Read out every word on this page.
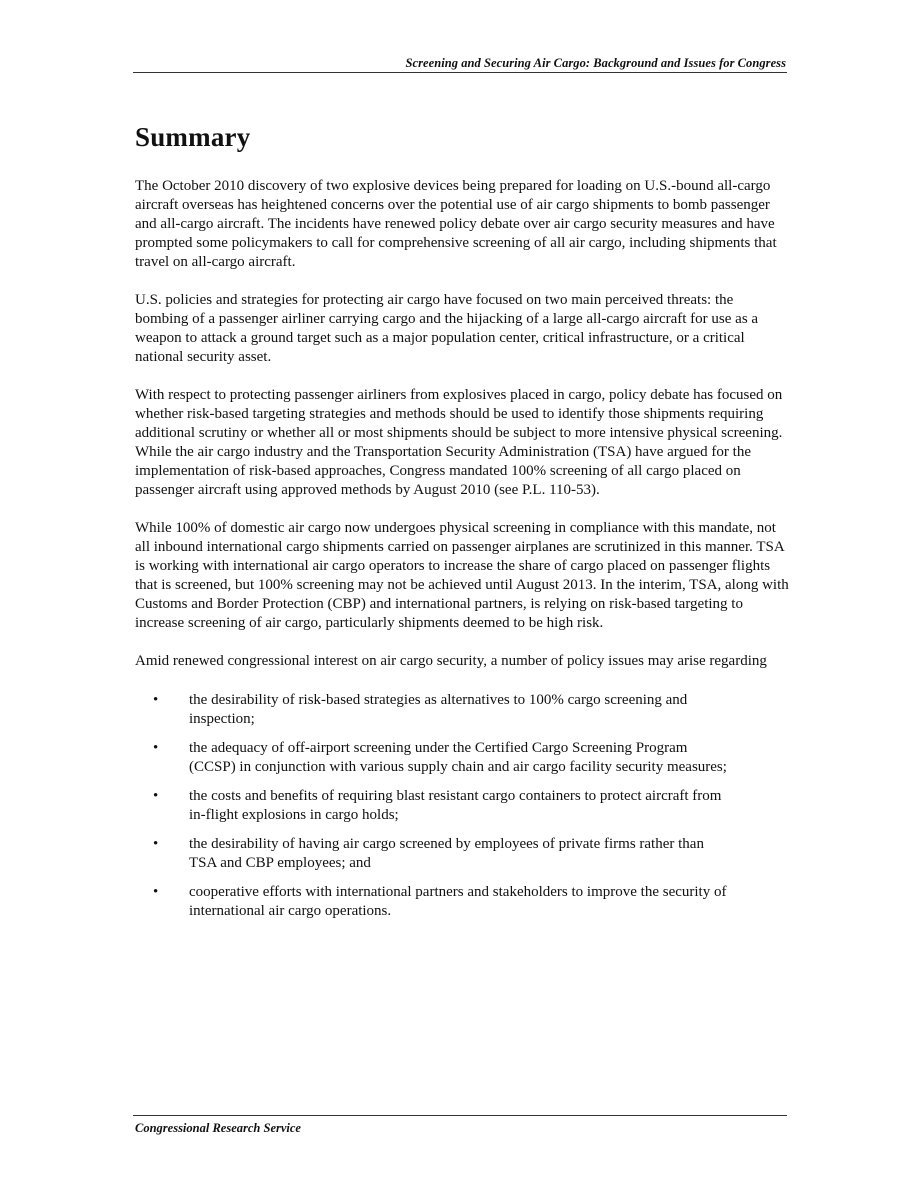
Screening and Securing Air Cargo: Background and Issues for Congress
Summary

The October 2010 discovery of two explosive devices being prepared for loading on U.S.-bound all-cargo aircraft overseas has heightened concerns over the potential use of air cargo shipments to bomb passenger and all-cargo aircraft. The incidents have renewed policy debate over air cargo security measures and have prompted some policymakers to call for comprehensive screening of all air cargo, including shipments that travel on all-cargo aircraft.

U.S. policies and strategies for protecting air cargo have focused on two main perceived threats: the bombing of a passenger airliner carrying cargo and the hijacking of a large all-cargo aircraft for use as a weapon to attack a ground target such as a major population center, critical infrastructure, or a critical national security asset.

With respect to protecting passenger airliners from explosives placed in cargo, policy debate has focused on whether risk-based targeting strategies and methods should be used to identify those shipments requiring additional scrutiny or whether all or most shipments should be subject to more intensive physical screening. While the air cargo industry and the Transportation Security Administration (TSA) have argued for the implementation of risk-based approaches, Congress mandated 100% screening of all cargo placed on passenger aircraft using approved methods by August 2010 (see P.L. 110-53).

While 100% of domestic air cargo now undergoes physical screening in compliance with this mandate, not all inbound international cargo shipments carried on passenger airplanes are scrutinized in this manner. TSA is working with international air cargo operators to increase the share of cargo placed on passenger flights that is screened, but 100% screening may not be achieved until August 2013. In the interim, TSA, along with Customs and Border Protection (CBP) and international partners, is relying on risk-based targeting to increase screening of air cargo, particularly shipments deemed to be high risk.

Amid renewed congressional interest on air cargo security, a number of policy issues may arise regarding

• the desirability of risk-based strategies as alternatives to 100% cargo screening and inspection;
• the adequacy of off-airport screening under the Certified Cargo Screening Program (CCSP) in conjunction with various supply chain and air cargo facility security measures;
• the costs and benefits of requiring blast resistant cargo containers to protect aircraft from in-flight explosions in cargo holds;
• the desirability of having air cargo screened by employees of private firms rather than TSA and CBP employees; and
• cooperative efforts with international partners and stakeholders to improve the security of international air cargo operations.
Congressional Research Service
